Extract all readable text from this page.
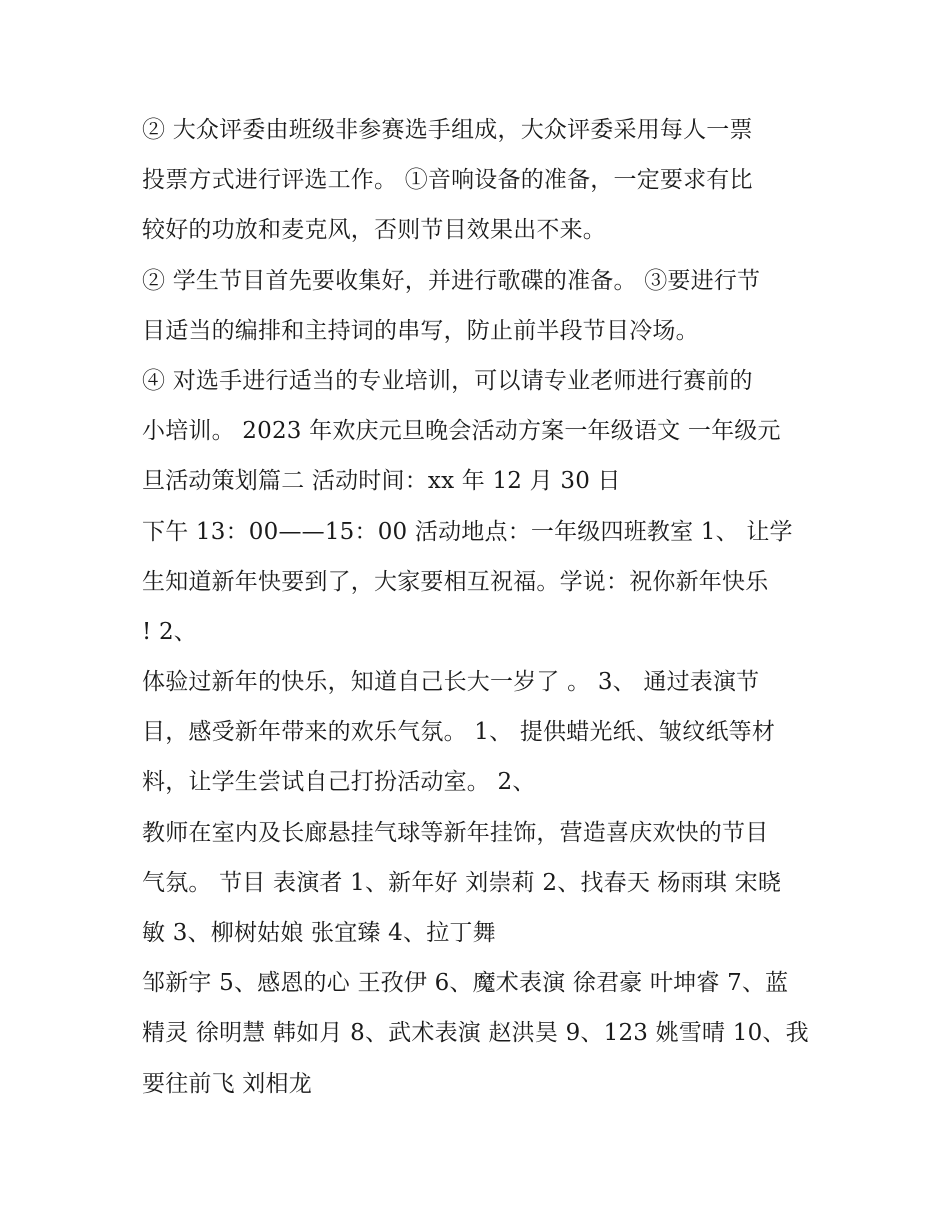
② 大众评委由班级非参赛选手组成，大众评委采用每人一票
投票方式进行评选工作。 ①音响设备的准备，一定要求有比
较好的功放和麦克风，否则节目效果出不来。
② 学生节目首先要收集好，并进行歌碟的准备。 ③要进行节
目适当的编排和主持词的串写，防止前半段节目冷场。
④ 对选手进行适当的专业培训，可以请专业老师进行赛前的
小培训。 2023 年欢庆元旦晚会活动方案一年级语文 一年级元
旦活动策划篇二 活动时间：xx 年 12 月 30 日
下午 13：00——15：00 活动地点：一年级四班教室 1、 让学
生知道新年快要到了，大家要相互祝福。学说：祝你新年快乐
! 2、
体验过新年的快乐，知道自己长大一岁了 。 3、 通过表演节
目，感受新年带来的欢乐气氛。 1、 提供蜡光纸、皱纹纸等材
料，让学生尝试自己打扮活动室。 2、
教师在室内及长廊悬挂气球等新年挂饰，营造喜庆欢快的节目
气氛。 节目 表演者 1、新年好 刘崇莉 2、找春天 杨雨琪 宋晓
敏 3、柳树姑娘 张宜臻 4、拉丁舞
邹新宇 5、感恩的心 王孜伊 6、魔术表演 徐君豪 叶坤睿 7、蓝
精灵 徐明慧 韩如月 8、武术表演 赵洪昊 9、123 姚雪晴 10、我
要往前飞 刘相龙
